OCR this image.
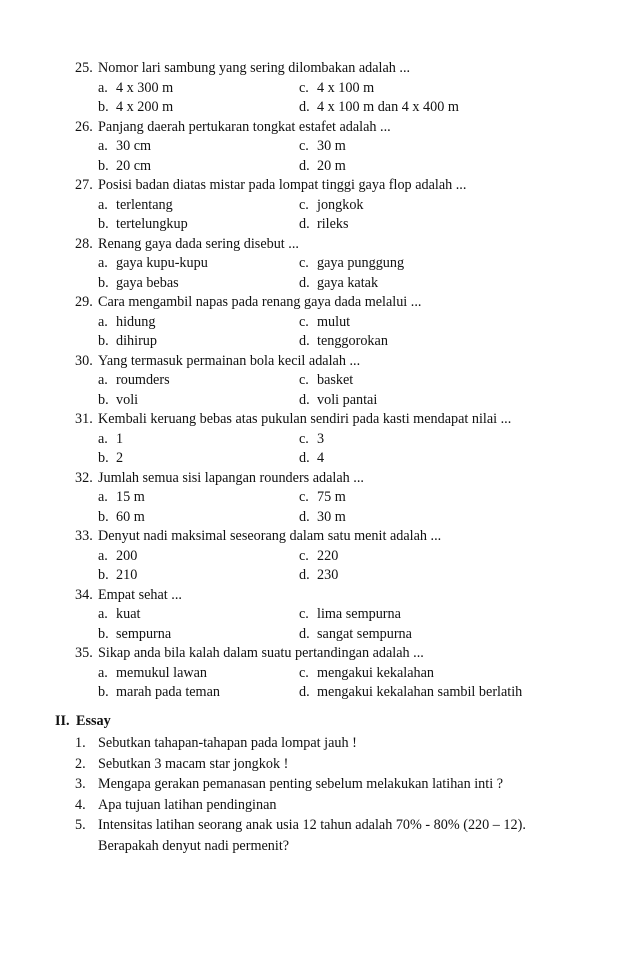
25. Nomor lari sambung yang sering dilombakan adalah ...
a. 4 x 300 m	c. 4 x 100 m
b. 4 x 200 m	d. 4 x 100 m dan 4 x 400 m
26. Panjang daerah pertukaran tongkat estafet adalah ...
a. 30 cm	c. 30 m
b. 20 cm	d. 20 m
27. Posisi badan diatas mistar pada lompat tinggi gaya flop adalah ...
a. terlentang	c. jongkok
b. tertelungkup	d. rileks
28. Renang gaya dada sering disebut ...
a. gaya kupu-kupu	c. gaya punggung
b. gaya bebas	d. gaya katak
29. Cara mengambil napas pada renang gaya dada melalui ...
a. hidung	c. mulut
b. dihirup	d. tenggorokan
30. Yang termasuk permainan bola kecil adalah ...
a. roumders	c. basket
b. voli	d. voli pantai
31. Kembali keruang bebas atas pukulan sendiri pada kasti mendapat nilai ...
a. 1	c. 3
b. 2	d. 4
32. Jumlah semua sisi lapangan rounders adalah ...
a. 15 m	c. 75 m
b. 60 m	d. 30 m
33. Denyut nadi maksimal seseorang dalam satu menit adalah ...
a. 200	c. 220
b. 210	d. 230
34. Empat sehat ...
a. kuat	c. lima sempurna
b. sempurna	d. sangat sempurna
35. Sikap anda bila kalah dalam suatu pertandingan adalah ...
a. memukul lawan	c. mengakui kekalahan
b. marah pada teman	d. mengakui kekalahan sambil berlatih
II. Essay
1. Sebutkan tahapan-tahapan pada lompat jauh !
2. Sebutkan 3 macam star jongkok !
3. Mengapa gerakan pemanasan penting sebelum melakukan latihan inti ?
4. Apa tujuan latihan pendinginan
5. Intensitas latihan seorang anak usia 12 tahun adalah 70% - 80% (220 – 12).
Berapakah denyut nadi permenit?
